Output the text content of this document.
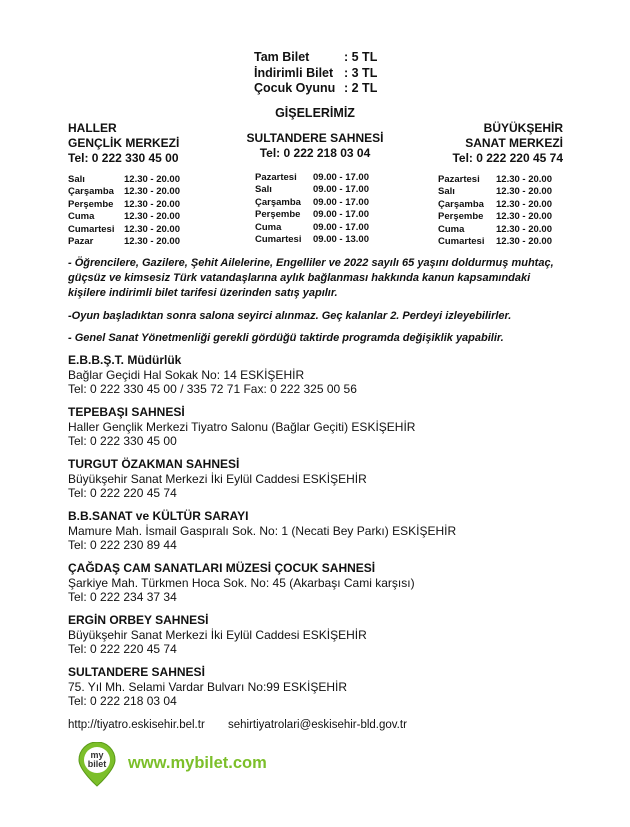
Tam Bilet	: 5 TL
İndirimli Bilet : 3 TL
Çocuk Oyunu : 2 TL
GİŞELERİMİZ
HALLER
GENÇLİK MERKEZİ
Tel: 0 222 330 45 00
Salı	12.30 - 20.00
Çarşamba	12.30 - 20.00
Perşembe	12.30 - 20.00
Cuma	12.30 - 20.00
Cumartesi	12.30 - 20.00
Pazar	12.30 - 20.00
SULTANDERE SAHNESİ
Tel: 0 222 218 03 04
Pazartesi	09.00 - 17.00
Salı	09.00 - 17.00
Çarşamba	09.00 - 17.00
Perşembe	09.00 - 17.00
Cuma	09.00 - 17.00
Cumartesi	09.00 - 13.00
BÜYÜKŞEHİR
SANAT MERKEZİ
Tel: 0 222 220 45 74
Pazartesi	12.30 - 20.00
Salı	12.30 - 20.00
Çarşamba	12.30 - 20.00
Perşembe	12.30 - 20.00
Cuma	12.30 - 20.00
Cumartesi	12.30 - 20.00
- Öğrencilere, Gazilere, Şehit Ailelerine, Engelliler ve 2022 sayılı 65 yaşını doldurmuş muhtaç, güçsüz ve kimsesiz Türk vatandaşlarına aylık bağlanması hakkında kanun kapsamındaki kişilere indirimli bilet tarifesi üzerinden satış yapılır.
-Oyun başladıktan sonra salona seyirci alınmaz. Geç kalanlar 2. Perdeyi izleyebilirler.
- Genel Sanat Yönetmenliği gerekli gördüğü taktirde programda değişiklik yapabilir.
E.B.B.Ş.T. Müdürlük
Bağlar Geçidi Hal Sokak No: 14 ESKİŞEHİR
Tel: 0 222 330 45 00 / 335 72 71 Fax: 0 222 325 00 56
TEPEBAŞI SAHNESİ
Haller Gençlik Merkezi Tiyatro Salonu (Bağlar Geçiti) ESKİŞEHİR
Tel: 0 222 330 45 00
TURGUT ÖZAKMAN SAHNESİ
Büyükşehir Sanat Merkezi İki Eylül Caddesi ESKİŞEHİR
Tel: 0 222 220 45 74
B.B.SANAT ve KÜLTÜR SARAYI
Mamure Mah. İsmail Gaspıralı Sok. No: 1 (Necati Bey Parkı) ESKİŞEHİR
Tel: 0 222 230 89 44
ÇAĞDAŞ CAM SANATLARI MÜZESİ ÇOCUK SAHNESİ
Şarkiye Mah. Türkmen Hoca Sok. No: 45 (Akarbaşı Cami karşısı)
Tel: 0 222 234 37 34
ERGİN ORBEY SAHNESİ
Büyükşehir Sanat Merkezi İki Eylül Caddesi ESKİŞEHİR
Tel: 0 222 220 45 74
SULTANDERE SAHNESİ
75. Yıl Mh. Selami Vardar Bulvarı No:99 ESKİŞEHİR
Tel: 0 222 218 03 04
http://tiyatro.eskisehir.bel.tr sehirtiyatrolari@eskisehir-bld.gov.tr
my
bilet www.mybilet.com
